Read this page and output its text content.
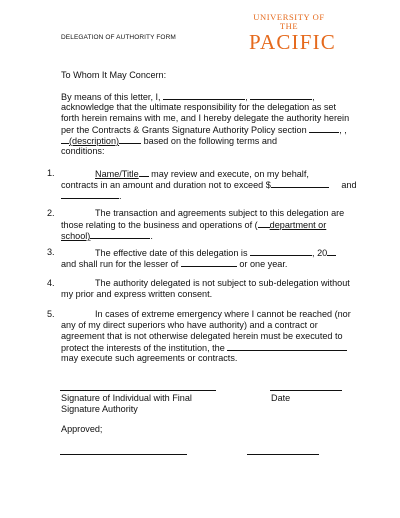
DELEGATION OF AUTHORITY FORM
UNIVERSITY OF THE
PACIFIC
To Whom It May Concern:
By means of this letter, I,	,	,
acknowledge that the ultimate responsibility for the delegation as set
forth herein remains with me, and I hereby delegate the authority herein
per the Contracts & Grants Signature Authority Policy section	, ,
(description)	based on the following terms and
conditions:
1.	Name/Title may review and execute, on my behalf,
contracts in an amount and duration not to exceed $	and
.
2.	The transaction and agreements subject to this delegation are
those relating to the business and operations of ( department or
school)	.
3.	The effective date of this delegation is	, 20
and shall run for the lesser of	or one year.
4.	The authority delegated is not subject to sub-delegation without
my prior and express written consent.
5.	In cases of extreme emergency where I cannot be reached (nor
any of my direct superiors who have authority) and a contract or
agreement that is not otherwise delegated herein must be executed to
protect the interests of the institution, the
may execute such agreements or contracts.
Signature of Individual with Final	Date
Signature Authority
Approved;
